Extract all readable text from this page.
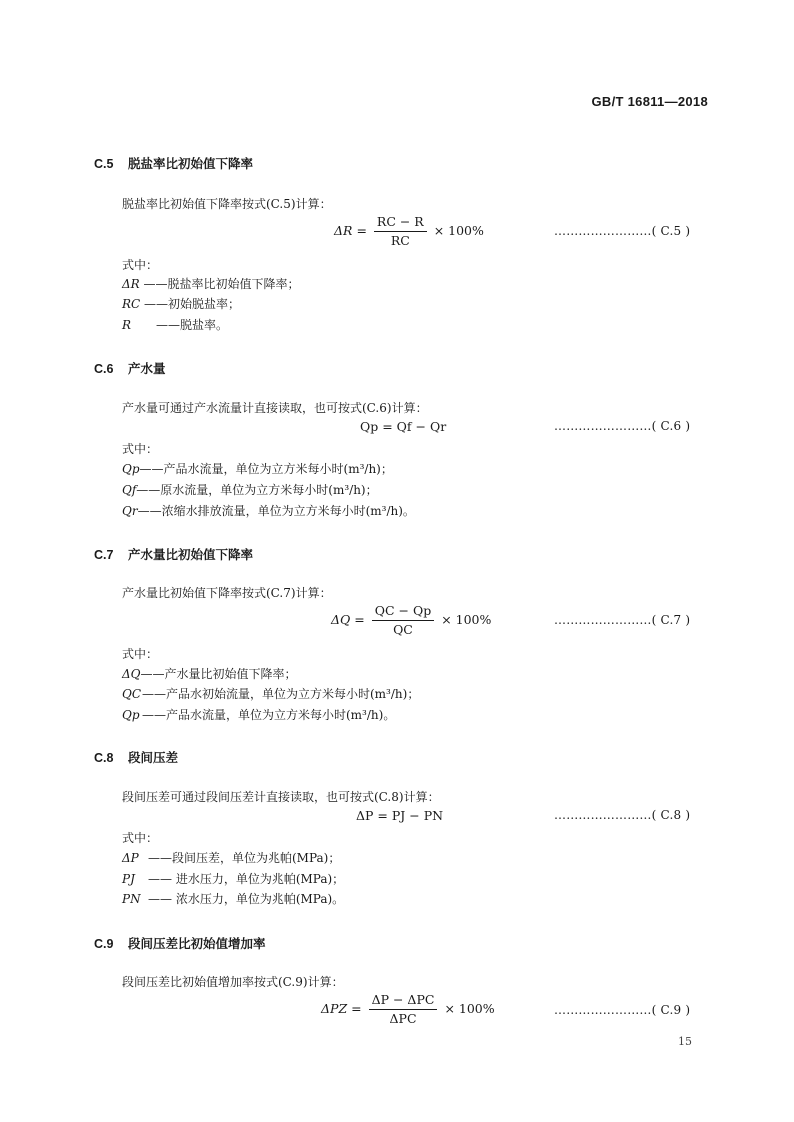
GB/T 16811—2018
C.5 脱盐率比初始值下降率
脱盐率比初始值下降率按式(C.5)计算：
$\Delta R = \frac{RC - R}{RC} \times 100\%$	……………………( C.5 )
式中：
ΔR ——脱盐率比初始值下降率；
RC ——初始脱盐率；
R ——脱盐率。
C.6 产水量
产水量可通过产水流量计直接读取，也可按式(C.6)计算：
Qp = Qf − Qr	……………………( C.6 )
式中：
Qp——产品水流量，单位为立方米每小时(m³/h)；
Qf——原水流量，单位为立方米每小时(m³/h)；
Qr——浓缩水排放流量，单位为立方米每小时(m³/h)。
C.7 产水量比初始值下降率
产水量比初始值下降率按式(C.7)计算：
$\Delta Q = \frac{QC - Qp}{QC} \times 100\%$	……………………( C.7 )
式中：
ΔQ——产水量比初始值下降率；
QC——产品水初始流量，单位为立方米每小时(m³/h)；
Qp ——产品水流量，单位为立方米每小时(m³/h)。
C.8 段间压差
段间压差可通过段间压差计直接读取，也可按式(C.8)计算：
ΔP = PJ − PN	……………………( C.8 )
式中：
ΔP ——段间压差，单位为兆帕(MPa)；
PJ —— 进水压力，单位为兆帕(MPa)；
PN —— 浓水压力，单位为兆帕(MPa)。
C.9 段间压差比初始值增加率
段间压差比初始值增加率按式(C.9)计算：
$\Delta PZ = \frac{\text{ΔP − ΔPC}}{\text{ΔPC}} \times 100\%$	……………………( C.9 )
15
